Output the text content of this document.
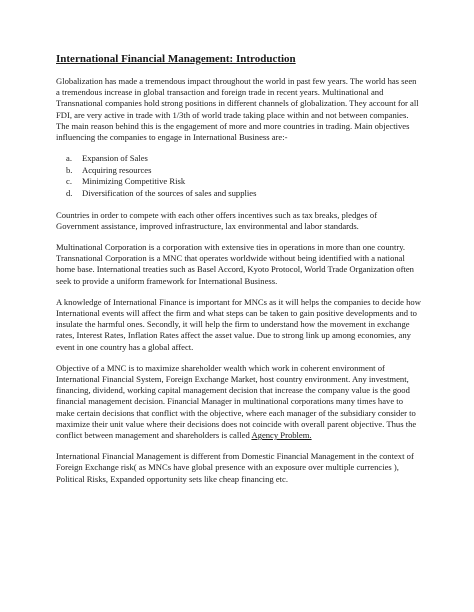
International Financial Management: Introduction

Globalization has made a tremendous impact throughout the world in past few years. The world has seen a tremendous increase in global transaction and foreign trade in recent years. Multinational and Transnational companies hold strong positions in different channels of globalization. They account for all FDI, are very active in trade with 1/3th of world trade taking place within and not between companies. The main reason behind this is the engagement of more and more countries in trading. Main objectives influencing the companies to engage in International Business are:-

a.	Expansion of Sales
b.	Acquiring resources
c.	Minimizing Competitive Risk
d.	Diversification of the sources of sales and supplies

Countries in order to compete with each other offers incentives such as tax breaks, pledges of Government assistance, improved infrastructure, lax environmental and labor standards.

Multinational Corporation is a corporation with extensive ties in operations in more than one country. Transnational Corporation is a MNC that operates worldwide without being identified with a national home base. International treaties such as Basel Accord, Kyoto Protocol, World Trade Organization often seek to provide a uniform framework for International Business.

A knowledge of International Finance is important for MNCs as it will helps the companies to decide how International events will affect the firm and what steps can be taken to gain positive developments and to insulate the harmful ones. Secondly, it will help the firm to understand how the movement in exchange rates, Interest Rates, Inflation Rates affect the asset value. Due to strong link up among economies, any event in one country has a global affect.

Objective of a MNC is to maximize shareholder wealth which work in coherent environment of International Financial System, Foreign Exchange Market, host country environment. Any investment, financing, dividend, working capital management decision that increase the company value is the good financial management decision. Financial Manager in multinational corporations many times have to make certain decisions that conflict with the objective, where each manager of the subsidiary consider to maximize their unit value where their decisions does not coincide with overall parent objective. Thus the conflict between management and shareholders is called Agency Problem.

International Financial Management is different from Domestic Financial Management in the context of Foreign Exchange risk( as MNCs have global presence with an exposure over multiple currencies ), Political Risks, Expanded opportunity sets like cheap financing etc.
